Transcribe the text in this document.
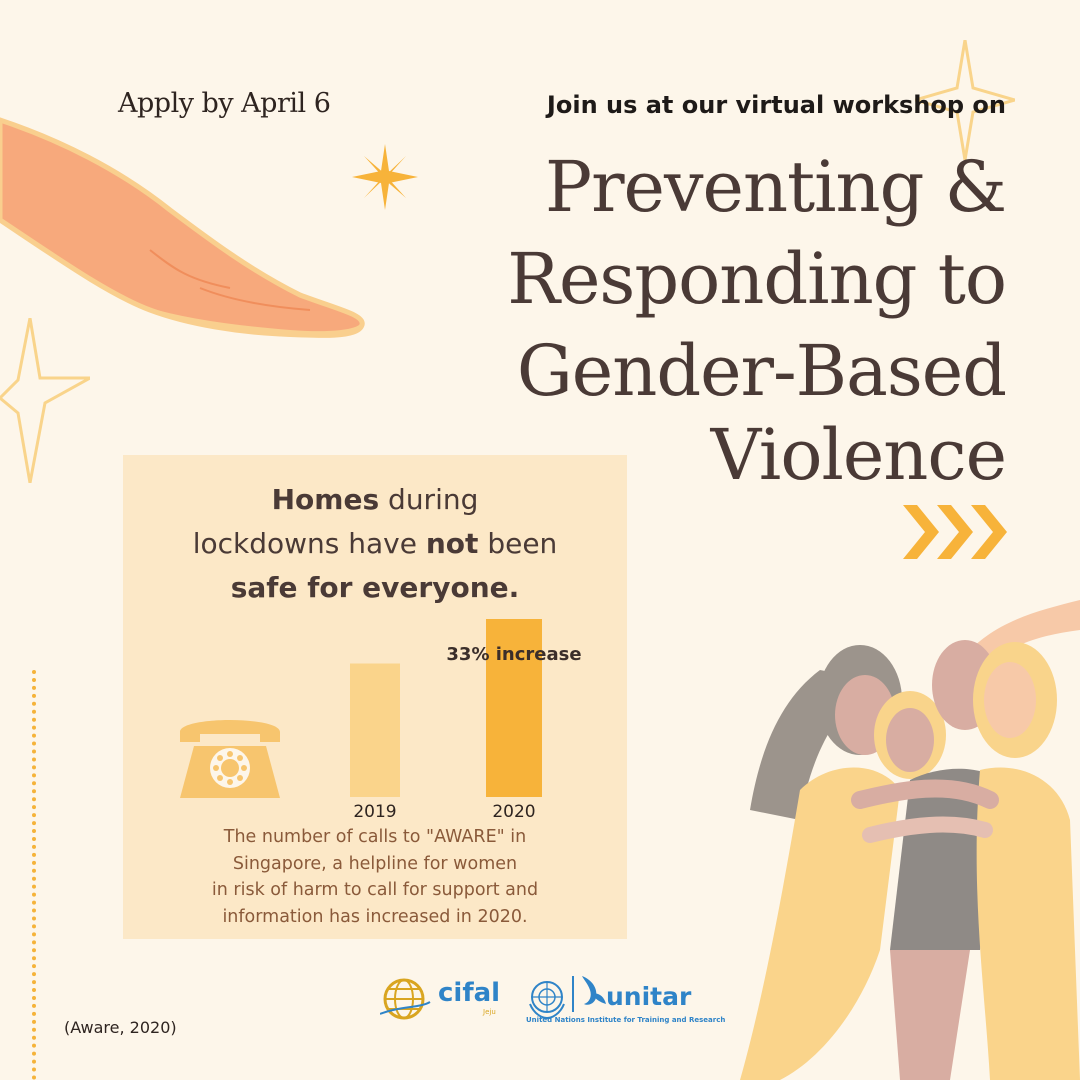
Apply by April 6	Join us at our virtual workshop on
Preventing &
Responding to
Gender-Based
Violence
Homes during
lockdowns have not been
safe for everyone.
2019	2020
33% increase
The number of calls to "AWARE" in
Singapore, a helpline for women
in risk of harm to call for support and
information has increased in 2020.
cifal
Jeju
unitar
United Nations Institute for Training and Research
(Aware, 2020)
